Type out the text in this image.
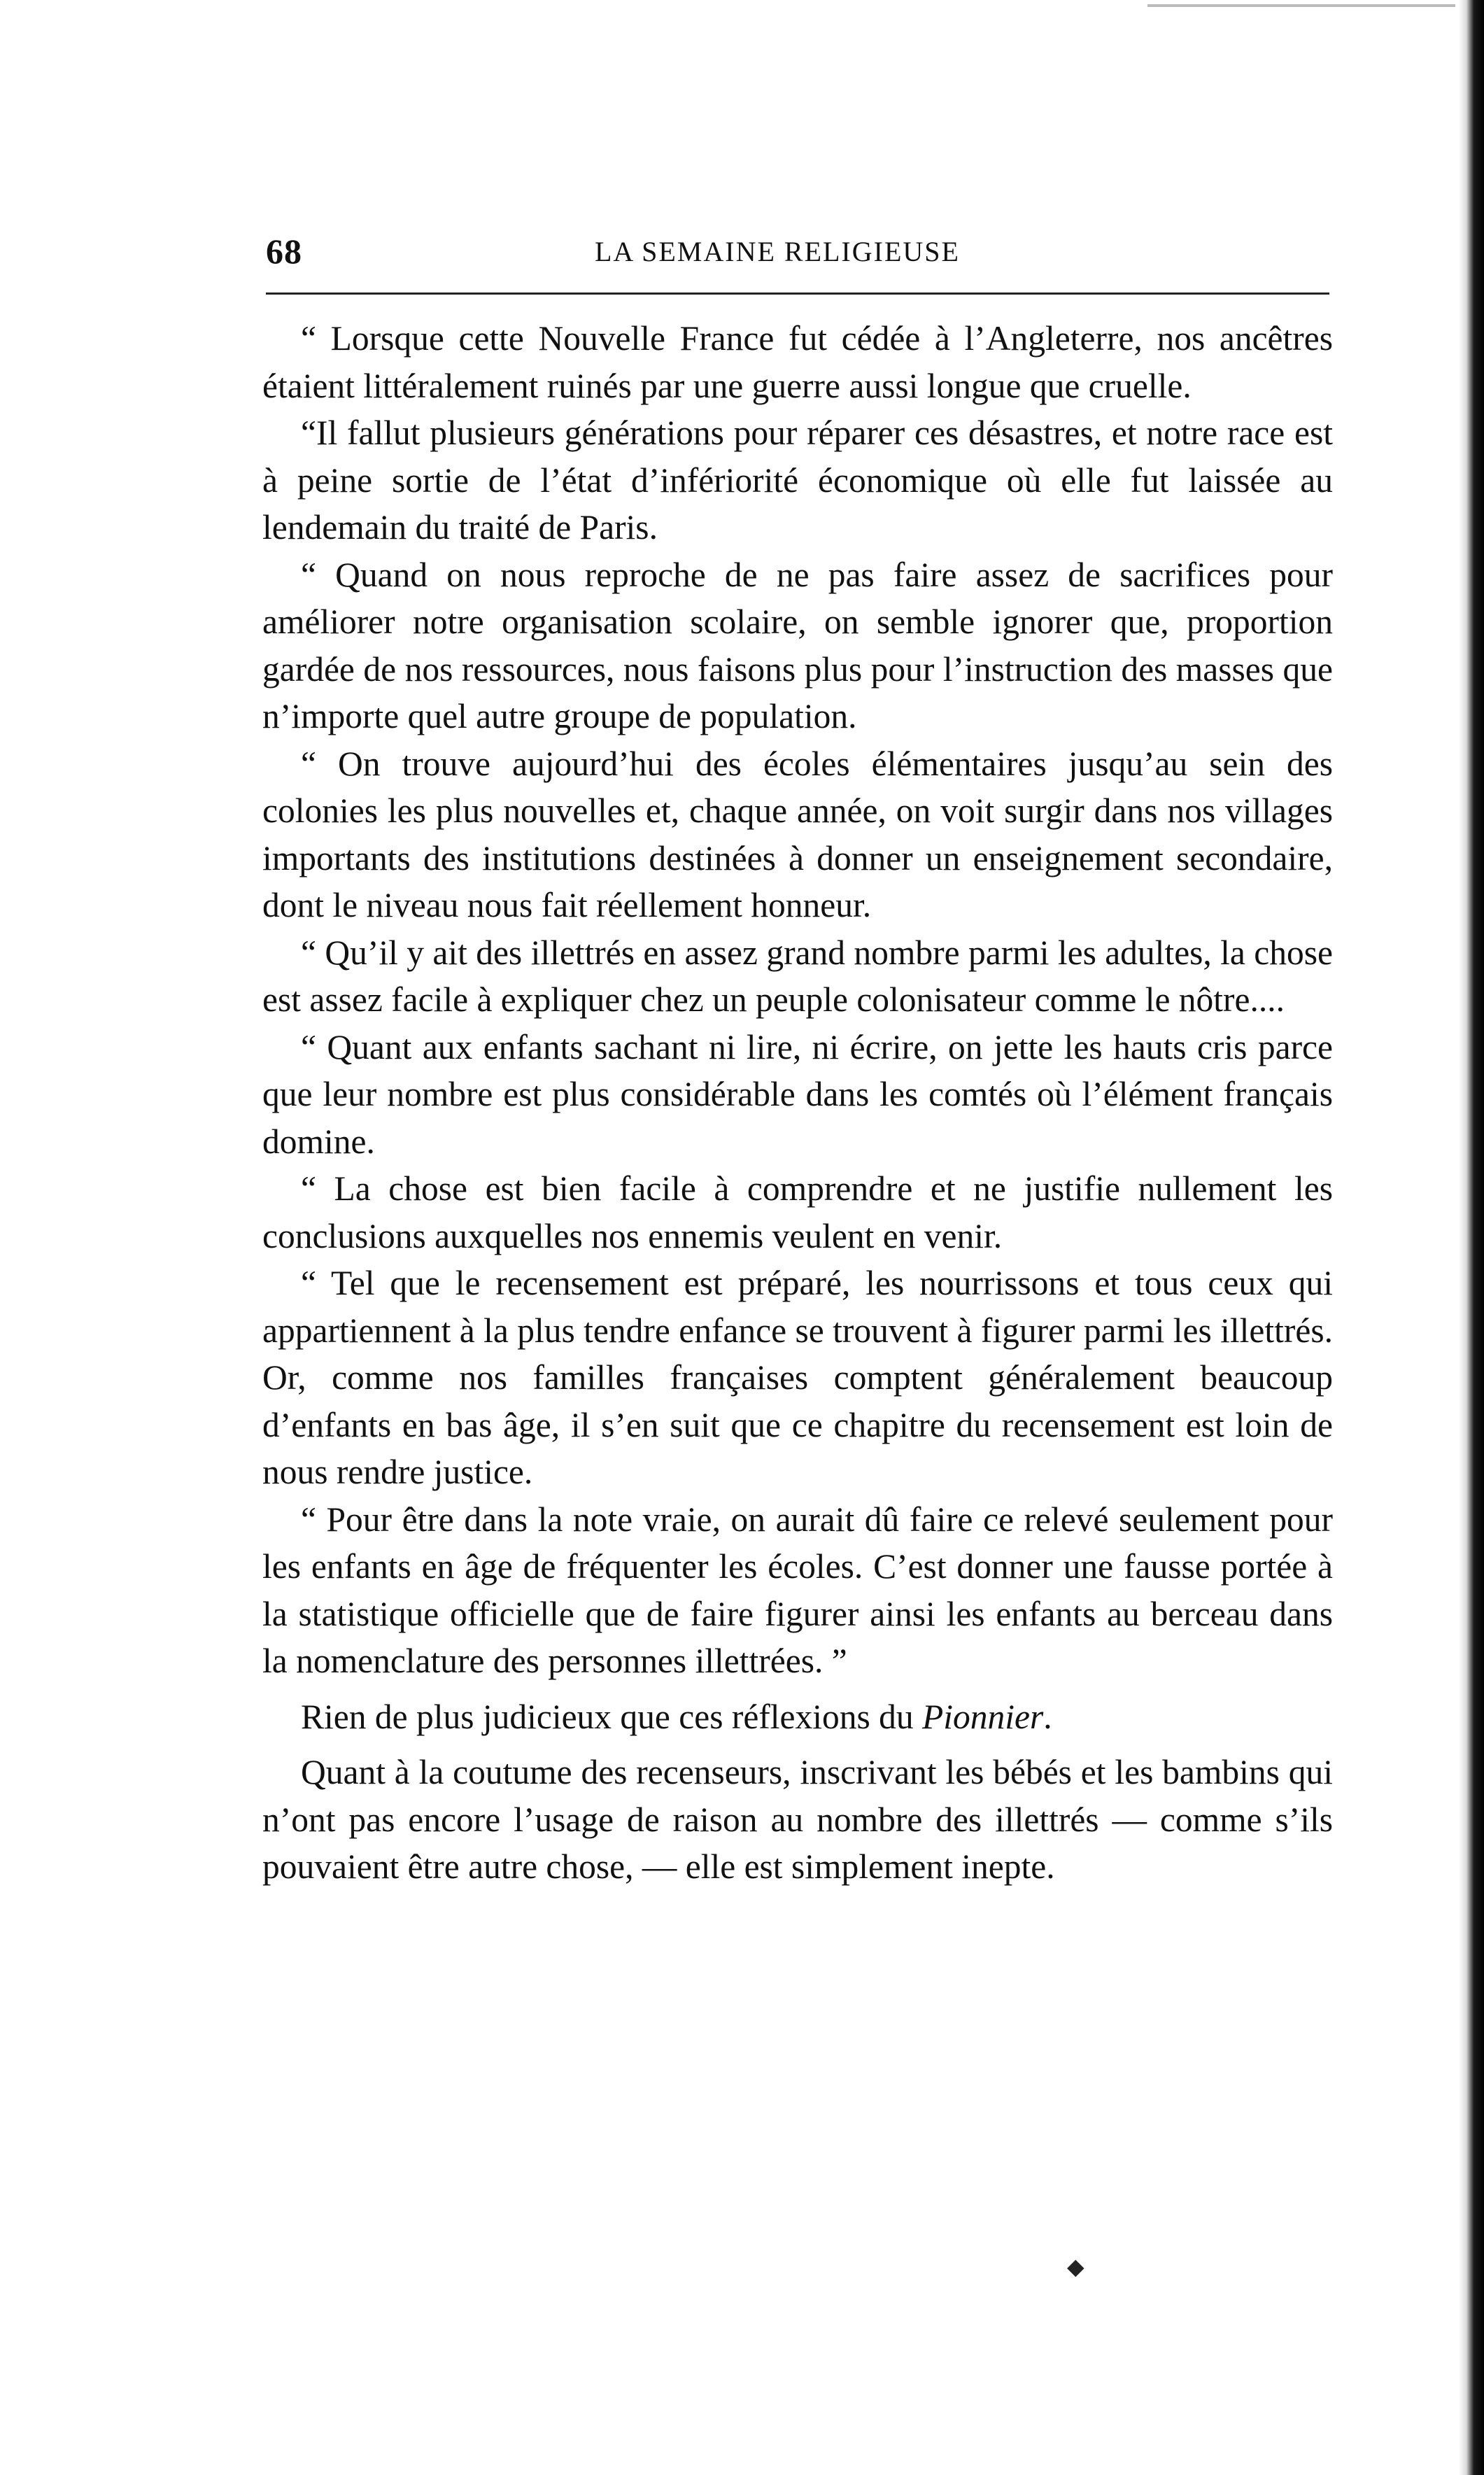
68	LA SEMAINE RELIGIEUSE

“ Lorsque cette Nouvelle France fut cédée à l’Angleterre, nos ancêtres étaient littéralement ruinés par une guerre aussi longue que cruelle.

“Il fallut plusieurs générations pour réparer ces désastres, et notre race est à peine sortie de l’état d’infériorité économique où elle fut laissée au lendemain du traité de Paris.

“ Quand on nous reproche de ne pas faire assez de sacrifices pour améliorer notre organisation scolaire, on semble ignorer que, proportion gardée de nos ressources, nous faisons plus pour l’instruction des masses que n’importe quel autre groupe de population.

“ On trouve aujourd’hui des écoles élémentaires jusqu’au sein des colonies les plus nouvelles et, chaque année, on voit surgir dans nos villages importants des institutions destinées à donner un enseignement secondaire, dont le niveau nous fait réellement honneur.

“ Qu’il y ait des illettrés en assez grand nombre parmi les adultes, la chose est assez facile à expliquer chez un peuple colonisateur comme le nôtre....

“ Quant aux enfants sachant ni lire, ni écrire, on jette les hauts cris parce que leur nombre est plus considérable dans les comtés où l’élément français domine.

“ La chose est bien facile à comprendre et ne justifie nullement les conclusions auxquelles nos ennemis veulent en venir.

“ Tel que le recensement est préparé, les nourrissons et tous ceux qui appartiennent à la plus tendre enfance se trouvent à figurer parmi les illettrés. Or, comme nos familles françaises comptent généralement beaucoup d’enfants en bas âge, il s’en suit que ce chapitre du recensement est loin de nous rendre justice.

“ Pour être dans la note vraie, on aurait dû faire ce relevé seulement pour les enfants en âge de fréquenter les écoles. C’est donner une fausse portée à la statistique officielle que de faire figurer ainsi les enfants au berceau dans la nomenclature des personnes illettrées. ”

Rien de plus judicieux que ces réflexions du Pionnier.

Quant à la coutume des recenseurs, inscrivant les bébés et les bambins qui n’ont pas encore l’usage de raison au nombre des illettrés — comme s’ils pouvaient être autre chose, — elle est simplement inepte.

◆
